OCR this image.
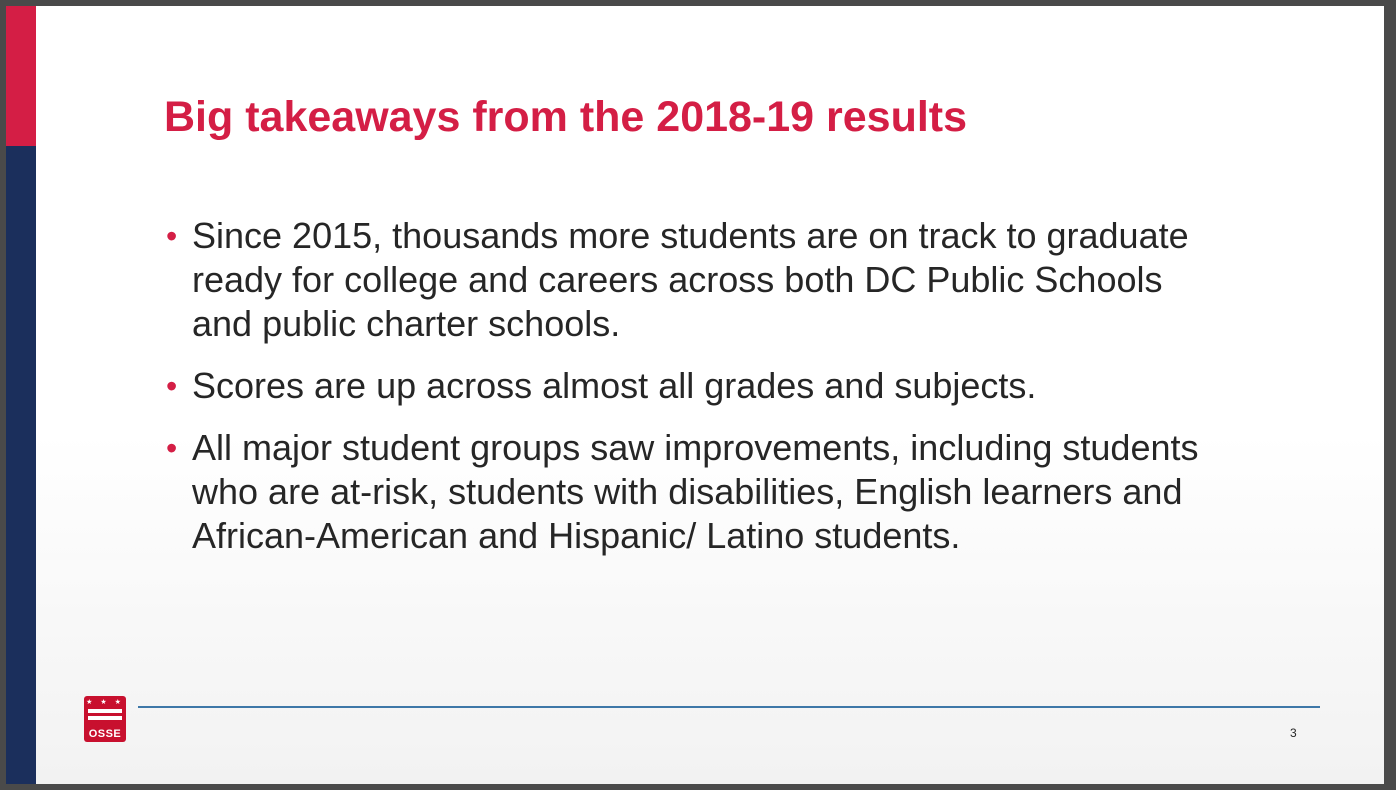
Big takeaways from the 2018-19 results
• Since 2015, thousands more students are on track to graduate ready for college and careers across both DC Public Schools and public charter schools.
• Scores are up across almost all grades and subjects.
• All major student groups saw improvements, including students who are at-risk, students with disabilities, English learners and African-American and Hispanic/ Latino students.
★ ★ ★
OSSE	3
